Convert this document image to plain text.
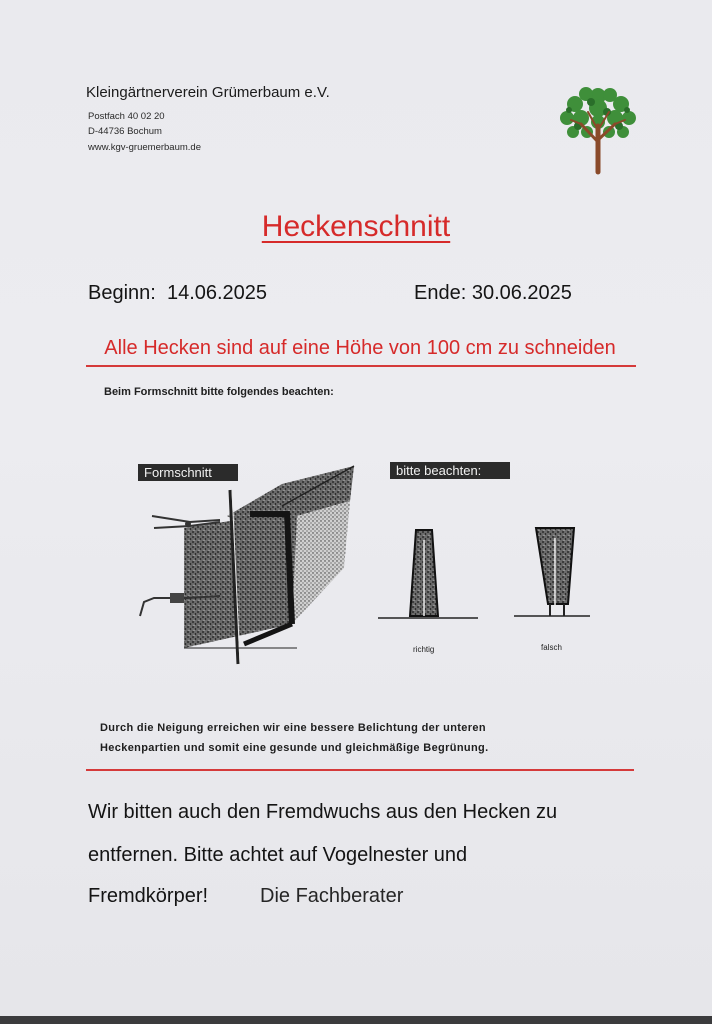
Kleingärtnerverein Grümerbaum e.V.
Postfach 40 02 20
D-44736 Bochum
www.kgv-gruemerbaum.de
Heckenschnitt
Beginn:  14.06.2025	Ende: 30.06.2025
Alle Hecken sind auf eine Höhe von 100 cm zu schneiden
Beim Formschnitt bitte folgendes beachten:
Formschnitt	bitte beachten:
richtig	falsch
Durch die Neigung erreichen wir eine bessere Belichtung der unteren
Heckenpartien und somit eine gesunde und gleichmäßige Begrünung.
Wir bitten auch den Fremdwuchs aus den Hecken zu
entfernen. Bitte achtet auf Vogelnester und
Fremdkörper!	Die Fachberater
